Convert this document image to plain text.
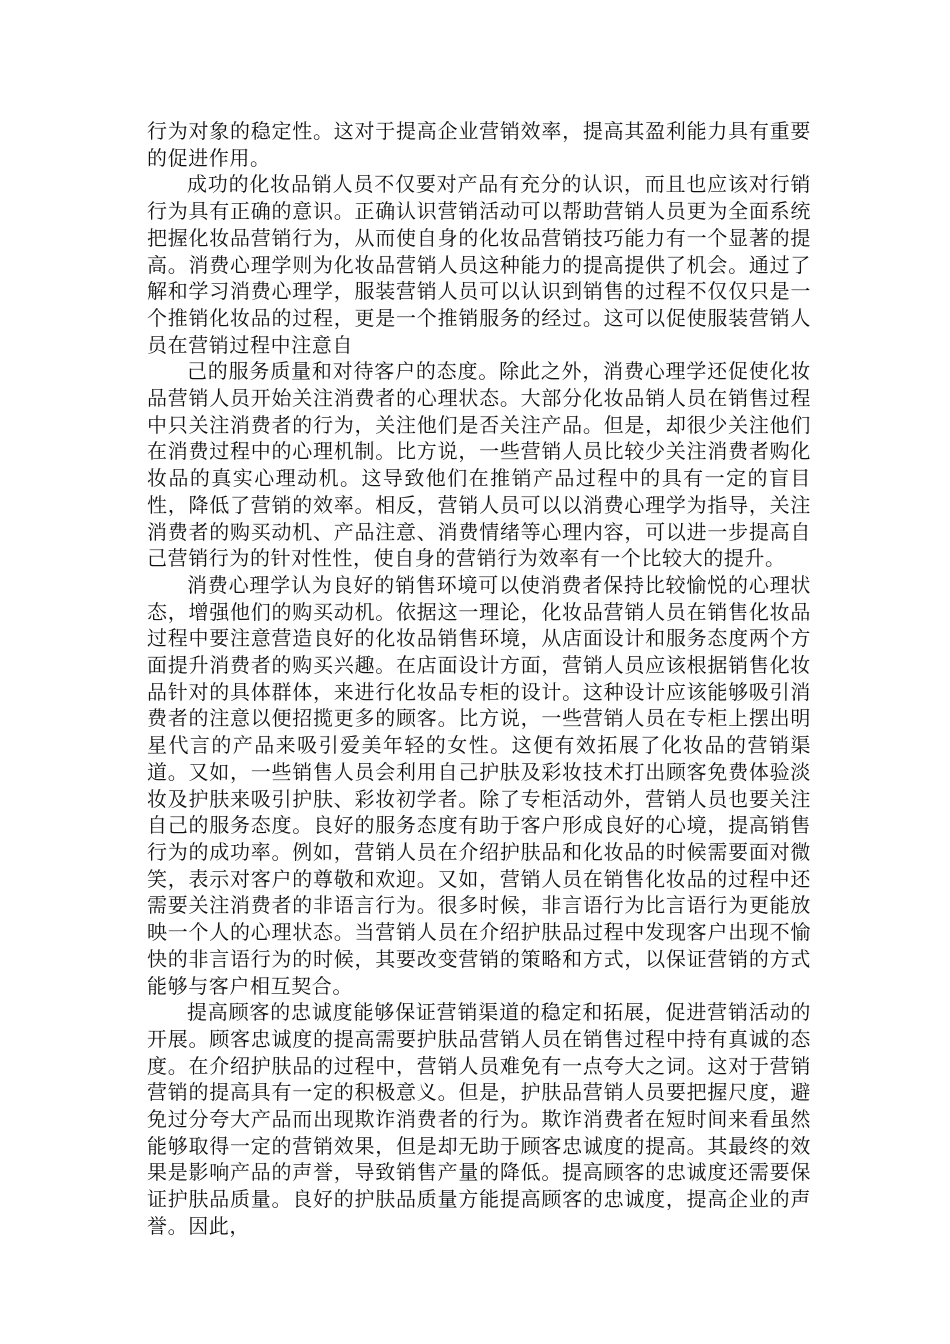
行为对象的稳定性。这对于提高企业营销效率，提高其盈利能力具有重要的促进作用。

成功的化妆品销人员不仅要对产品有充分的认识，而且也应该对行销行为具有正确的意识。正确认识营销活动可以帮助营销人员更为全面系统把握化妆品营销行为，从而使自身的化妆品营销技巧能力有一个显著的提高。消费心理学则为化妆品营销人员这种能力的提高提供了机会。通过了解和学习消费心理学，服装营销人员可以认识到销售的过程不仅仅只是一个推销化妆品的过程，更是一个推销服务的经过。这可以促使服装营销人员在营销过程中注意自

己的服务质量和对待客户的态度。除此之外，消费心理学还促使化妆品营销人员开始关注消费者的心理状态。大部分化妆品销人员在销售过程中只关注消费者的行为，关注他们是否关注产品。但是，却很少关注他们在消费过程中的心理机制。比方说，一些营销人员比较少关注消费者购化妆品的真实心理动机。这导致他们在推销产品过程中的具有一定的盲目性，降低了营销的效率。相反，营销人员可以以消费心理学为指导，关注消费者的购买动机、产品注意、消费情绪等心理内容，可以进一步提高自己营销行为的针对性性，使自身的营销行为效率有一个比较大的提升。

消费心理学认为良好的销售环境可以使消费者保持比较愉悦的心理状态，增强他们的购买动机。依据这一理论，化妆品营销人员在销售化妆品过程中要注意营造良好的化妆品销售环境，从店面设计和服务态度两个方面提升消费者的购买兴趣。在店面设计方面，营销人员应该根据销售化妆品针对的具体群体，来进行化妆品专柜的设计。这种设计应该能够吸引消费者的注意以便招揽更多的顾客。比方说，一些营销人员在专柜上摆出明星代言的产品来吸引爱美年轻的女性。这便有效拓展了化妆品的营销渠道。又如，一些销售人员会利用自己护肤及彩妆技术打出顾客免费体验淡妆及护肤来吸引护肤、彩妆初学者。除了专柜活动外，营销人员也要关注自己的服务态度。良好的服务态度有助于客户形成良好的心境，提高销售行为的成功率。例如，营销人员在介绍护肤品和化妆品的时候需要面对微笑，表示对客户的尊敬和欢迎。又如，营销人员在销售化妆品的过程中还需要关注消费者的非语言行为。很多时候，非言语行为比言语行为更能放映一个人的心理状态。当营销人员在介绍护肤品过程中发现客户出现不愉快的非言语行为的时候，其要改变营销的策略和方式，以保证营销的方式能够与客户相互契合。

提高顾客的忠诚度能够保证营销渠道的稳定和拓展，促进营销活动的开展。顾客忠诚度的提高需要护肤品营销人员在销售过程中持有真诚的态度。在介绍护肤品的过程中，营销人员难免有一点夸大之词。这对于营销营销的提高具有一定的积极意义。但是，护肤品营销人员要把握尺度，避免过分夸大产品而出现欺诈消费者的行为。欺诈消费者在短时间来看虽然能够取得一定的营销效果，但是却无助于顾客忠诚度的提高。其最终的效果是影响产品的声誉，导致销售产量的降低。提高顾客的忠诚度还需要保证护肤品质量。良好的护肤品质量方能提高顾客的忠诚度，提高企业的声誉。因此，
